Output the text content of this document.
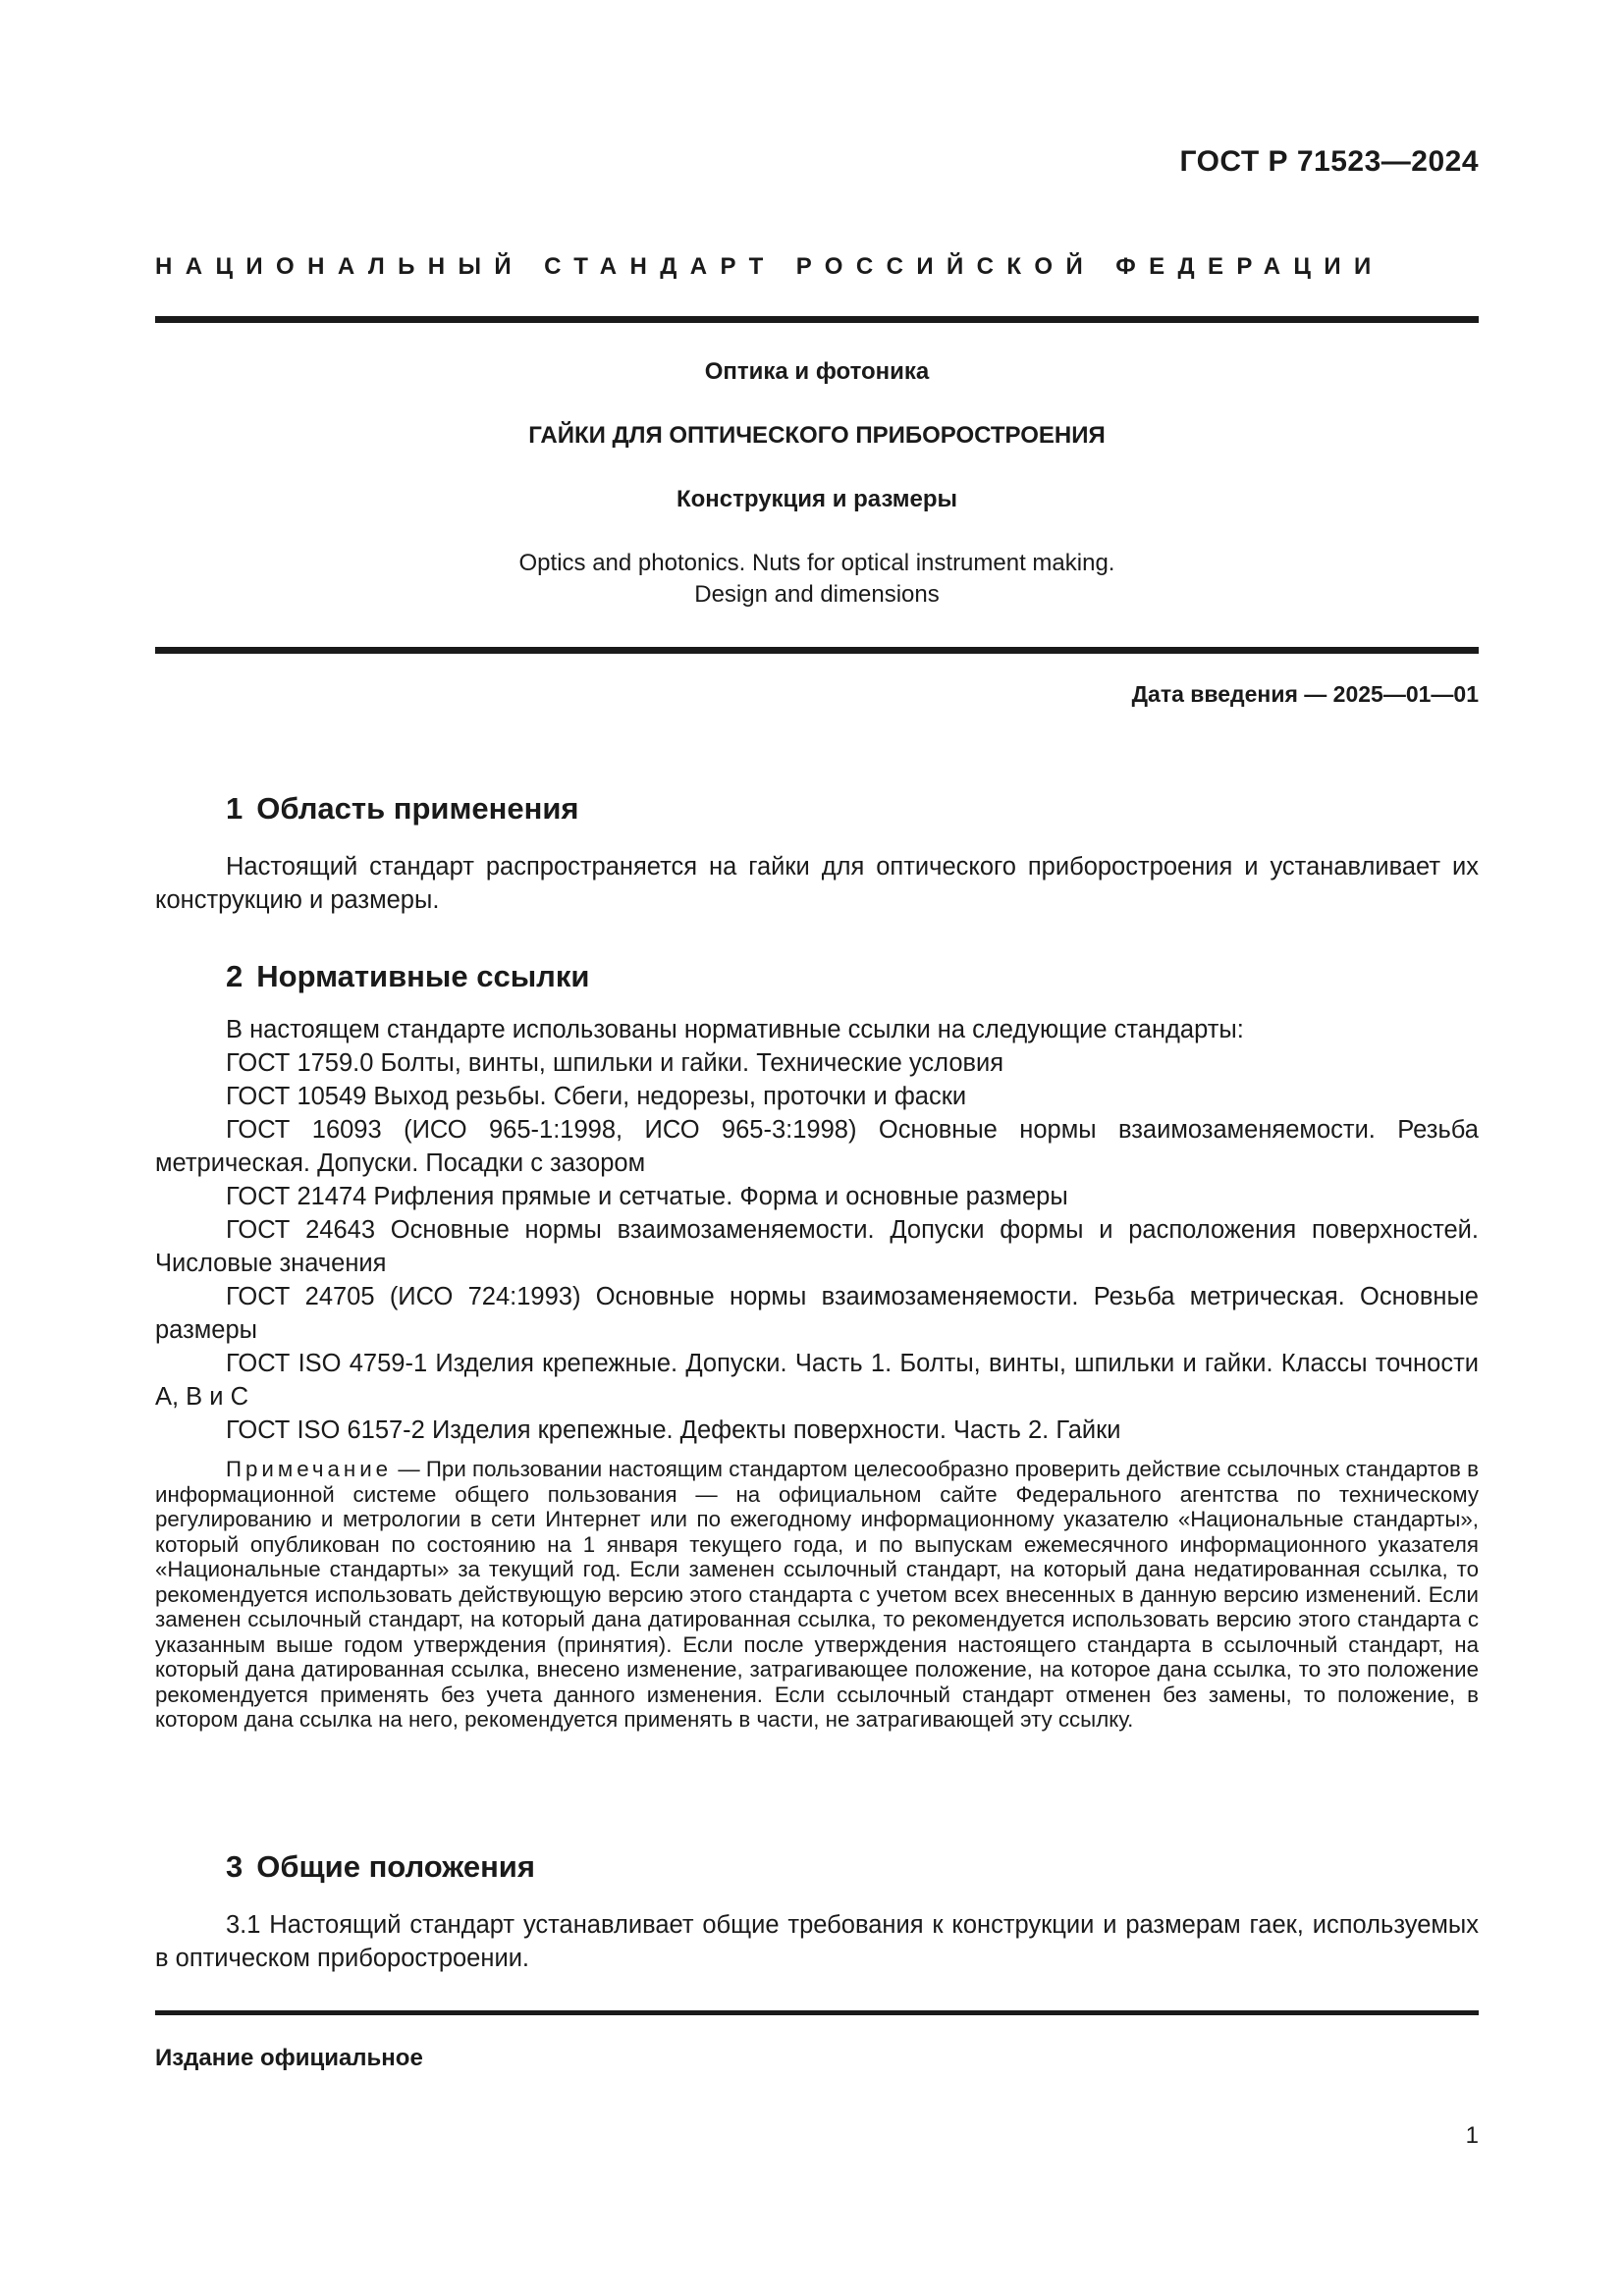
ГОСТ Р 71523—2024
НАЦИОНАЛЬНЫЙ СТАНДАРТ РОССИЙСКОЙ ФЕДЕРАЦИИ
Оптика и фотоника
ГАЙКИ ДЛЯ ОПТИЧЕСКОГО ПРИБОРОСТРОЕНИЯ
Конструкция и размеры
Optics and photonics. Nuts for optical instrument making.
Design and dimensions
Дата введения — 2025—01—01
1 Область применения
Настоящий стандарт распространяется на гайки для оптического приборостроения и устанавливает их конструкцию и размеры.
2 Нормативные ссылки

В настоящем стандарте использованы нормативные ссылки на следующие стандарты:

ГОСТ 1759.0 Болты, винты, шпильки и гайки. Технические условия

ГОСТ 10549 Выход резьбы. Сбеги, недорезы, проточки и фаски

ГОСТ 16093 (ИСО 965-1:1998, ИСО 965-3:1998) Основные нормы взаимозаменяемости. Резьба метрическая. Допуски. Посадки с зазором

ГОСТ 21474 Рифления прямые и сетчатые. Форма и основные размеры

ГОСТ 24643 Основные нормы взаимозаменяемости. Допуски формы и расположения поверхностей. Числовые значения

ГОСТ 24705 (ИСО 724:1993) Основные нормы взаимозаменяемости. Резьба метрическая. Основные размеры

ГОСТ ISO 4759-1 Изделия крепежные. Допуски. Часть 1. Болты, винты, шпильки и гайки. Классы точности А, В и С

ГОСТ ISO 6157-2 Изделия крепежные. Дефекты поверхности. Часть 2. Гайки

Примечание — При пользовании настоящим стандартом целесообразно проверить действие ссылочных стандартов в информационной системе общего пользования — на официальном сайте Федерального агентства по техническому регулированию и метрологии в сети Интернет или по ежегодному информационному указателю «Национальные стандарты», который опубликован по состоянию на 1 января текущего года, и по выпускам ежемесячного информационного указателя «Национальные стандарты» за текущий год. Если заменен ссылочный стандарт, на который дана недатированная ссылка, то рекомендуется использовать действующую версию этого стандарта с учетом всех внесенных в данную версию изменений. Если заменен ссылочный стандарт, на который дана датированная ссылка, то рекомендуется использовать версию этого стандарта с указанным выше годом утверждения (принятия). Если после утверждения настоящего стандарта в ссылочный стандарт, на который дана датированная ссылка, внесено изменение, затрагивающее положение, на которое дана ссылка, то это положение рекомендуется применять без учета данного изменения. Если ссылочный стандарт отменен без замены, то положение, в котором дана ссылка на него, рекомендуется применять в части, не затрагивающей эту ссылку.
3 Общие положения
3.1 Настоящий стандарт устанавливает общие требования к конструкции и размерам гаек, используемых в оптическом приборостроении.
Издание официальное
1
